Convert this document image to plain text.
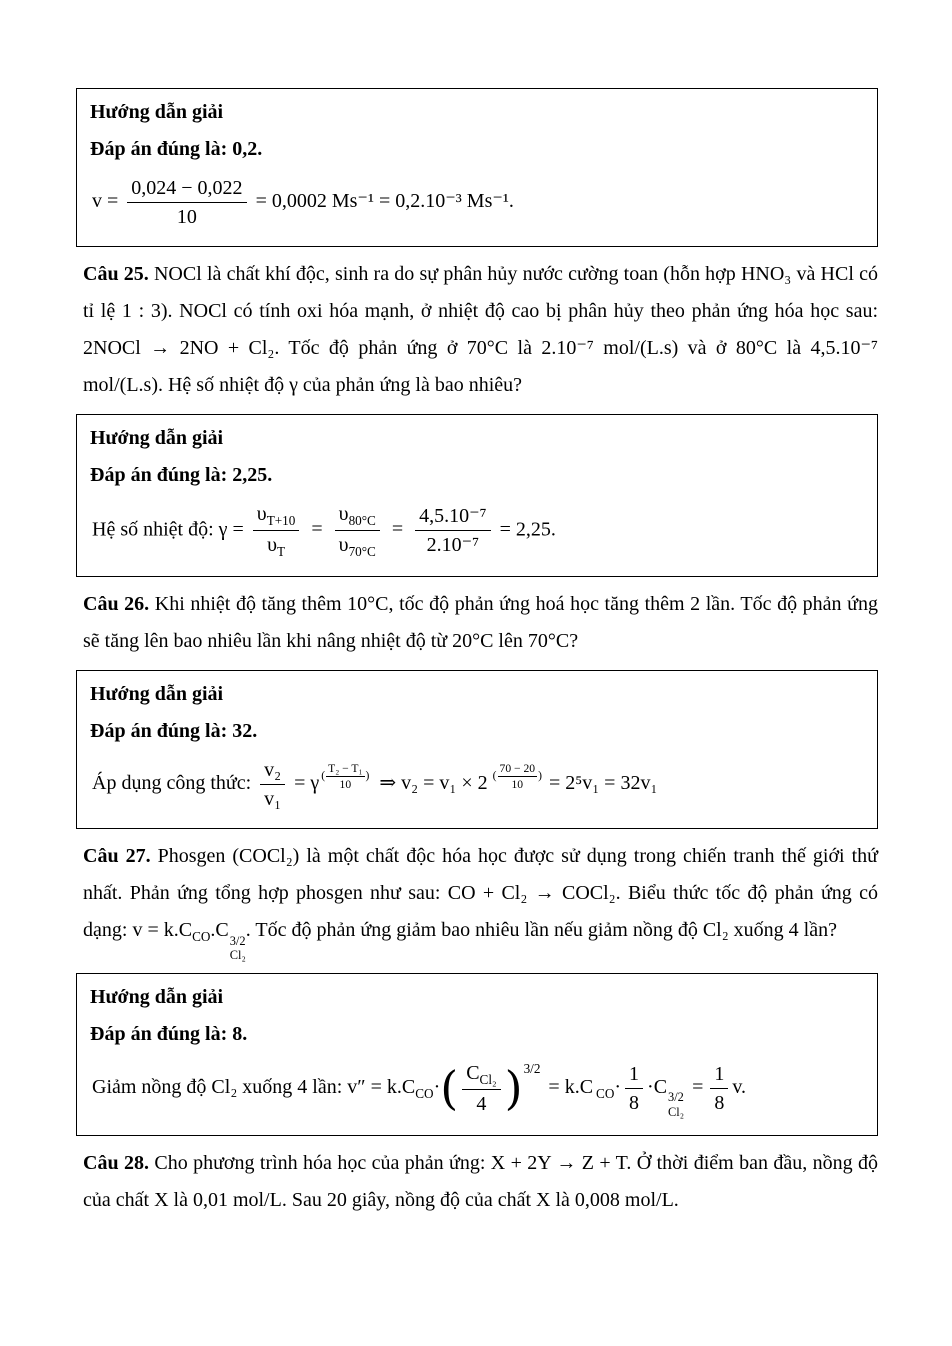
Hướng dẫn giải
Đáp án đúng là: 0,2.
$v = \frac{0,024 - 0,022}{10} = 0,0002$ Ms⁻¹ = 0,2.10⁻³ Ms⁻¹.

Câu 25. NOCl là chất khí độc, sinh ra do sự phân hủy nước cường toan (hỗn hợp HNO₃ và HCl có tỉ lệ 1 : 3). NOCl có tính oxi hóa mạnh, ở nhiệt độ cao bị phân hủy theo phản ứng hóa học sau: 2NOCl → 2NO + Cl₂. Tốc độ phản ứng ở 70°C là 2.10⁻⁷ mol/(L.s) và ở 80°C là 4,5.10⁻⁷ mol/(L.s). Hệ số nhiệt độ γ của phản ứng là bao nhiêu?

Hướng dẫn giải
Đáp án đúng là: 2,25.
Hệ số nhiệt độ: $\gamma = \frac{\upsilon_{T+10}}{\upsilon_T} = \frac{\upsilon_{80^\circ C}}{\upsilon_{70^\circ C}} = \frac{\text{4,5.10⁻⁷}}{\text{2.10⁻⁷}} = 2,25$.

Câu 26. Khi nhiệt độ tăng thêm 10°C, tốc độ phản ứng hoá học tăng thêm 2 lần. Tốc độ phản ứng sẽ tăng lên bao nhiêu lần khi nâng nhiệt độ từ 20°C lên 70°C?

Hướng dẫn giải
Đáp án đúng là: 32.
Áp dụng công thức: $\frac{\text{v₂}}{\text{v₁}} = \gamma$ ( $\frac{\text{T₂ − T₁}}{10}$ ) ⇒ v₂ = v₁ × 2 ( $\frac{70 - 20}{10}$ ) = 2⁵v₁ = 32v₁

Câu 27. Phosgen (COCl₂) là một chất độc hóa học được sử dụng trong chiến tranh thế giới thứ nhất. Phản ứng tổng hợp phosgen như sau: CO + Cl₂ → COCl₂. Biểu thức tốc độ phản ứng có dạng: $v = k.C_{CO}.C$ 3/2
Cl₂
. Tốc độ phản ứng giảm bao nhiêu lần nếu giảm nồng độ Cl₂ xuống 4 lần?

Hướng dẫn giải
Đáp án đúng là: 8.
Giảm nồng độ Cl₂ xuống 4 lần: $v'' = k.C_{CO}\cdot( \frac{C_{Cl_2}}{4} )^{3/2} = k.C$ $_{CO}\cdot \frac{1}{8} \cdot C$ 3/2
Cl₂
= $\frac{1}{8} v$.

Câu 28. Cho phương trình hóa học của phản ứng: X + 2Y → Z + T. Ở thời điểm ban đầu, nồng độ của chất X là 0,01 mol/L. Sau 20 giây, nồng độ của chất X là 0,008 mol/L.
